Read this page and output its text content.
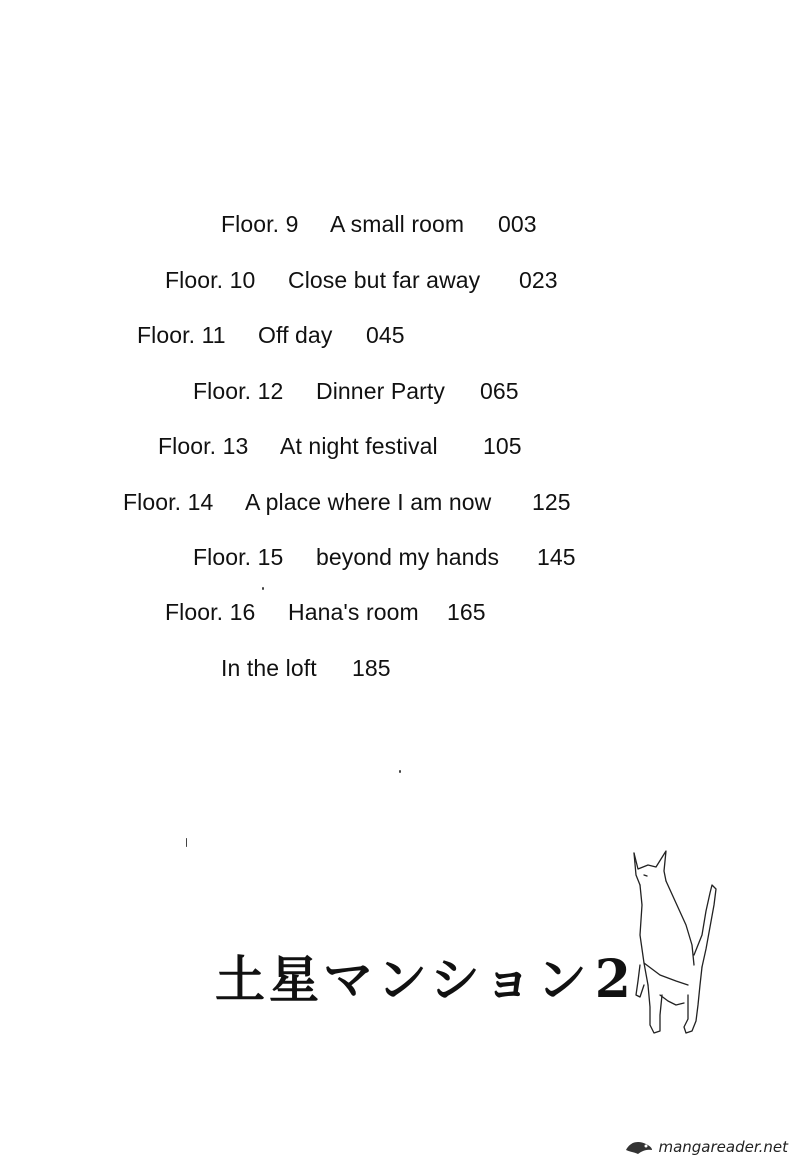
Floor. 9 A small room 003
Floor. 10 Close but far away 023
Floor. 11 Off day 045
Floor. 12 Dinner Party 065
Floor. 13 At night festival 105
Floor. 14 A place where I am now 125
Floor. 15 beyond my hands 145
Floor. 16 Hana's room 165
In the loft 185
土星マンション2
mangareader.net
